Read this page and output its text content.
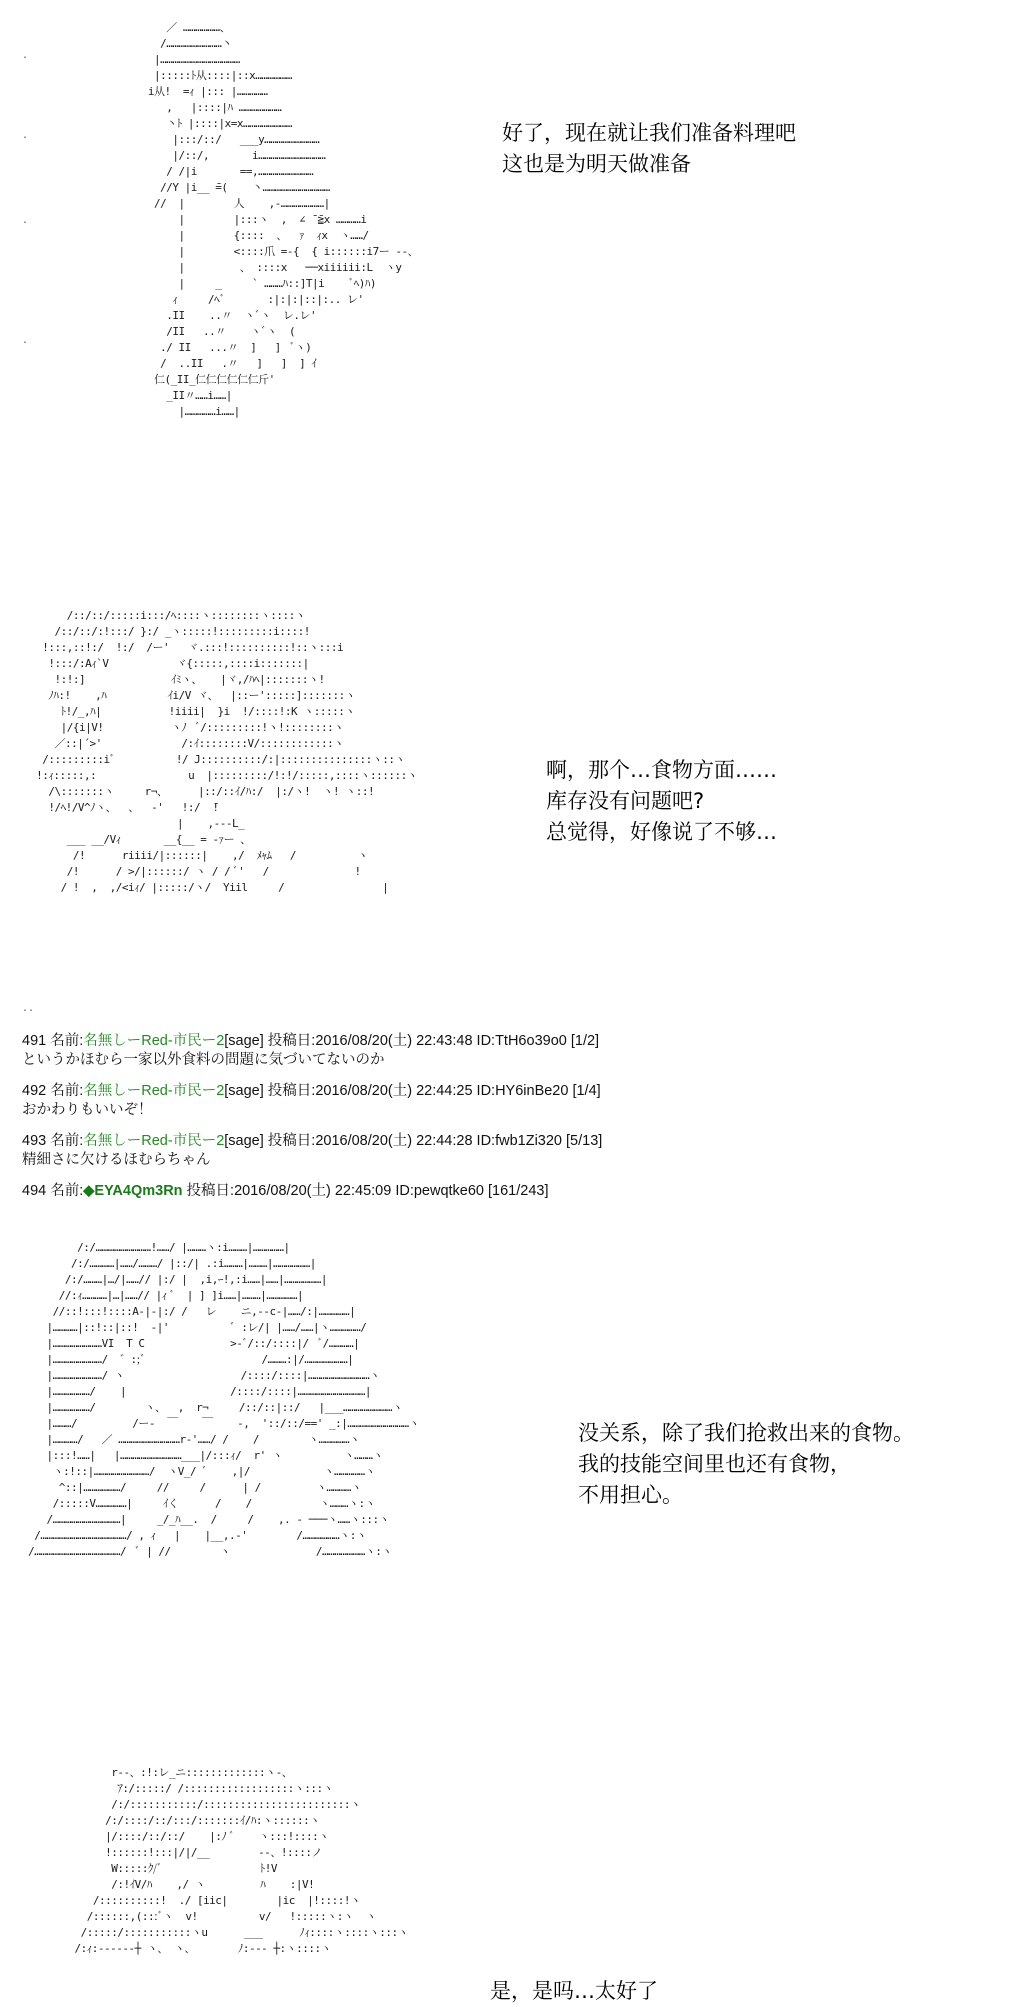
.
.
.
.
..
／ ………………、
/………………………丶
|…………………………………
|:::::ﾄ从::::|::x………………
i从!  =ｨ |::: |……………
,   |::::|ﾊ …………………
丶ﾄ |::::|x=x……………………
|:::/::/   ___y………………………
|/::/,       i……………………………
/ /|i       ==,………………………
//Y |i__ ̄=(    丶……………………………
//  |        人    ,‐…………………|
|        |:::ヽ  ,  ∠ ̄ ̄≧x …………i
|        {::::  、  ｧ  ｨx  ヽ……/
|        <::::爪 =‐{  { i::::::i7ー ‐-、
|         、 ::::x   ──xiiiiii:L  ヽy
|     _     ` ………ﾊ::]T|i    ﾞﾍ)ﾊ)
ｨ     /ﾍﾞ       :|:|:|::|:.. レ'
.II    ..〃  ヽﾞヽ  レ.レ'
/II   ..〃    ヽﾞヽ  (
./ II   ...〃  ]   ]  ﾞヽ)
/  ..II   .〃   ]   ]  ] ｲ
仁(_II_仁仁仁仁仁仁斤'
_II〃……i……|
|……………i……|
好了，现在就让我们准备料理吧
这也是为明天做准备
/::/::/:::::i:::/ﾍ::::ヽ::::::::ヽ::::ヽ
/::/::/:!:::/ }:/ _ヽ:::::!:::::::::i::::!
!:::,::!:/  !:/  /ー'   ヾ.:::!::::::::::!::ヽ:::i
!:::/:Aｨ`V           ヾ{:::::,::::i:::::::|
!:!:]              ｲﾐヽ、   |ヾ,/ﾊﾍ|:::::::ヽ!
ﾉﾊ:!    ,ﾊ          ｲi/V ヾ、  |::ー':::::]:::::::ヽ
ﾄ!/_,ﾊ|           !iiii|  }i  !/::::!:K ヽ:::::ヽ
|/{i|V!           ヽﾉ  ﾞ/:::::::::!ヽ!::::::::ヽ
／::|´>'             /:ｲ::::::::V/::::::::::::ヽ
/:::::::::iﾞ          !/ J::::::::::/:|:::::::::::::::ヽ::ヽ
!:ｨ:::::,:               u  |:::::::::/!:!/:::::,::::ヽ::::::ヽ
/\:::::::ヽ     r¬、     |::/::ｲ/ﾊ:/  |:/ヽ!  ヽ! ヽ::!
!/ﾍ!/V^ﾉヽ、  、  ‐'   !:/  ̄!
|    ,‐‐‐L_
___ __/Vｨ       __{__ = ‐ｧー 、
/!      riiii/|::::::|    ,/  ﾒｬﾑ   /          ヽ
/!      / >/|::::::/ ヽ / / ﾞ'   /              !
/ !  ,  ,/<iｨ/ |:::::/ヽ/  Yiil     /                |
啊，那个…食物方面……
库存没有问题吧?
总觉得，好像说了不够…
491 名前:名無しーRed-市民ー2[sage] 投稿日:2016/08/20(土) 22:43:48 ID:TtH6o39o0 [1/2]
というかほむら一家以外食料の問題に気づいてないのか
492 名前:名無しーRed-市民ー2[sage] 投稿日:2016/08/20(土) 22:44:25 ID:HY6inBe20 [1/4]
おかわりもいいぞ！
493 名前:名無しーRed-市民ー2[sage] 投稿日:2016/08/20(土) 22:44:28 ID:fwb1Zi320 [5/13]
精細さに欠けるほむらちゃん
494 名前:◆EYA4Qm3Rn 投稿日:2016/08/20(土) 22:45:09 ID:pewqtke60 [161/243]
/:/………………………!……/ |………ヽ:i………|……………|
/:/…………|……/………/ |::/| .:i………|………|………………|
/:/………|…/|……// |:/ |  ,i,ｰ!,:i……|……|………………|
//:ｨ…………|…|……// |ｨ ﾞ  | ] ]i……|………|……………|
//::!:::!::::A‐|‐|:/ /   レ    ニ,‐‐c‐|……/:|……………|
|…………|::!::|::!  ‐|'          ﾞ :レ/| |……/……|ヽ……………/
|……………………VI  T ̄C              >‐ﾞ/::/::::|/  ﾞ/…………|
|……………………/  ゛:;ﾞ                   /………:|/…………………|
|……………………/ ヽ                   /::::/::::|…………………………ヽ
|………………/    |                 /::::/::::|……………………………|
|………………/        ヽ、  ,  r¬     /::/::|::/   |___……………………ヽ
|………/         /ー‐  ￣    ￣    ‐,  '::/::/==' _:|…………………………ヽ
|…………/   ／ …………………………r‐'……/ /    /        ヽ……………ヽ
|:::!……|   |…………………………___|/:::ｨ/  r' ヽ          ヽ………ヽ
ヽ:!::|………………………/  ヽV_/ ﾞ    ,|/            ヽ……………ヽ
^::|………………/     //     /      | /         ヽ…………ヽ
/:::::V……………|     ｲく      /    /           ヽ………ヽ:ヽ
/……………………………|     _/_ﾊ__.  /     /    ,. ‐ ───ヽ……ヽ:::ヽ
/……………………………………/ , ｨ   |    |__,.‐'        /………………ヽ:ヽ
/……………………………………/  ﾞ | //        ヽ              /…………………ヽ:ヽ
没关系，除了我们抢救出来的食物。
我的技能空间里也还有食物，
不用担心。
r‐‐、:!:レ_ニ:::::::::::::ヽ‐、
ｱ:/:::::/ /::::::::::::::::::ヽ:::ヽ
/:/:::::::::::/::::::::::::::::::::::::ヽ
/:/::::/::/:::/:::::::ｲ/ﾊ:ヽ::::::ヽ
|/::::/::/::/    |:ﾉ ﾞ    ヽ:::!::::ヽ
!::::::!:::|/|/__        ‐‐、!::::ノ
W:::::ｸ/ﾞ                ﾄ!V
/:!ｲV/ﾊ    ,/ ヽ         ﾊ    :|V!
/::::::::::!  ./ [iic|        |ic  |!::::!ヽ
/::::::,(:::ﾞヽ  v!          v/   !:::::ヽ:ヽ  ヽ
/:::::/:::::::::::ヽu      ___      ﾉｨ::::ヽ::::ヽ:::ヽ
/:ｨ:‐‐‐‐‐‐┼ ヽ、 ヽ、       ﾉ:‐‐‐ ┼:ヽ::::ヽ
是，是吗…太好了
